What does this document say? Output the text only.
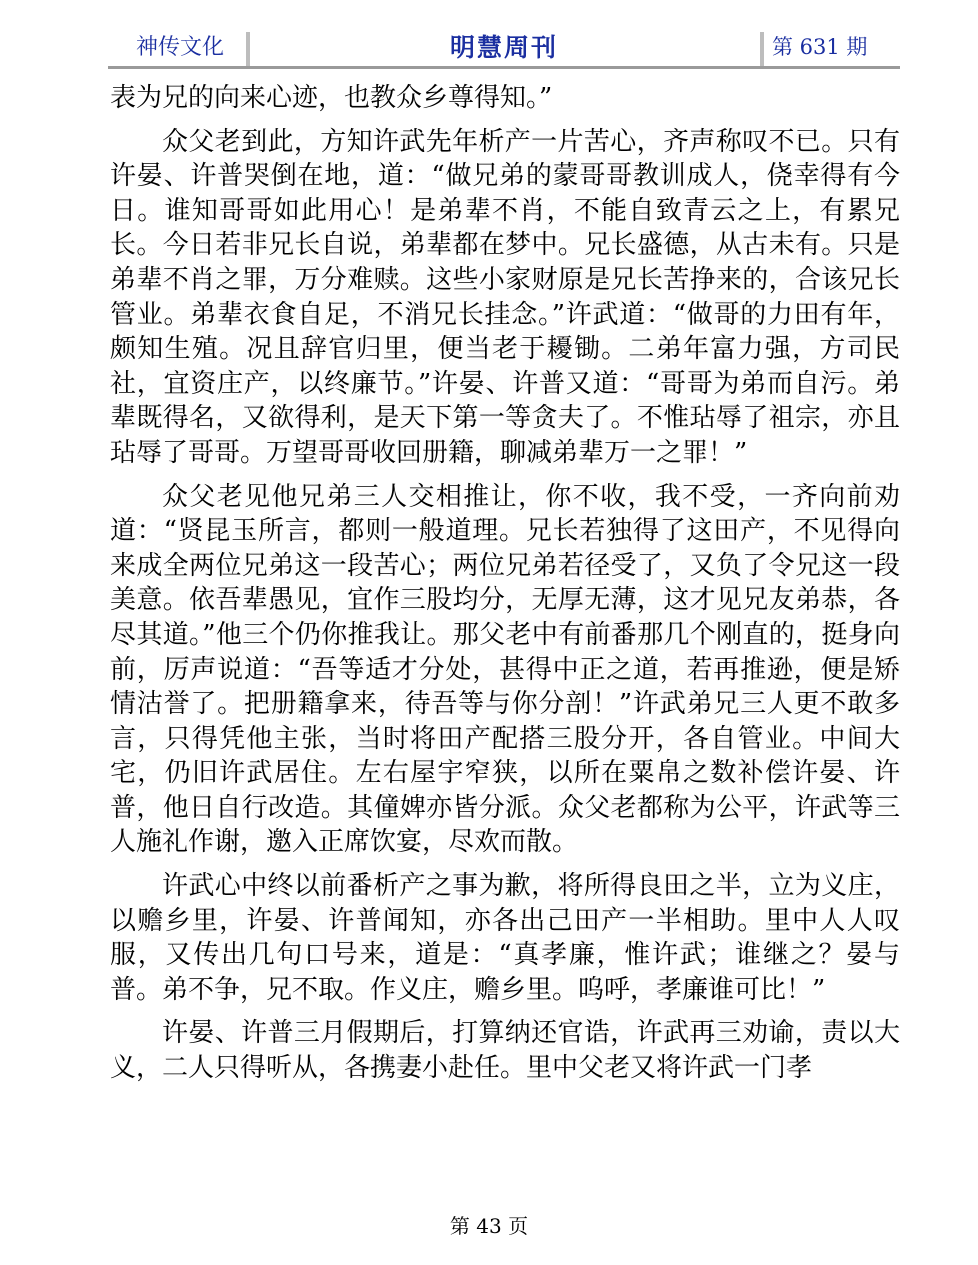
神传文化	明慧周刊	第 631 期

表为兄的向来心迹，也教众乡尊得知。”

众父老到此，方知许武先年析产一片苦心，齐声称叹不已。只有许晏、许普哭倒在地，道：“做兄弟的蒙哥哥教训成人，侥幸得有今日。谁知哥哥如此用心！是弟辈不肖，不能自致青云之上，有累兄长。今日若非兄长自说，弟辈都在梦中。兄长盛德，从古未有。只是弟辈不肖之罪，万分难赎。这些小家财原是兄长苦挣来的，合该兄长管业。弟辈衣食自足，不消兄长挂念。”许武道：“做哥的力田有年，颇知生殖。况且辞官归里，便当老于耰锄。二弟年富力强，方司民社，宜资庄产，以终廉节。”许晏、许普又道：“哥哥为弟而自污。弟辈既得名，又欲得利，是天下第一等贪夫了。不惟玷辱了祖宗，亦且玷辱了哥哥。万望哥哥收回册籍，聊减弟辈万一之罪！”

众父老见他兄弟三人交相推让，你不收，我不受，一齐向前劝道：“贤昆玉所言，都则一般道理。兄长若独得了这田产，不见得向来成全两位兄弟这一段苦心；两位兄弟若径受了，又负了令兄这一段美意。依吾辈愚见，宜作三股均分，无厚无薄，这才见兄友弟恭，各尽其道。”他三个仍你推我让。那父老中有前番那几个刚直的，挺身向前，厉声说道：“吾等适才分处，甚得中正之道，若再推逊，便是矫情沽誉了。把册籍拿来，待吾等与你分剖！”许武弟兄三人更不敢多言，只得凭他主张，当时将田产配搭三股分开，各自管业。中间大宅，仍旧许武居住。左右屋宇窄狭，以所在粟帛之数补偿许晏、许普，他日自行改造。其僮婢亦皆分派。众父老都称为公平，许武等三人施礼作谢，邀入正席饮宴，尽欢而散。

许武心中终以前番析产之事为歉，将所得良田之半，立为义庄，以赡乡里，许晏、许普闻知，亦各出己田产一半相助。里中人人叹服，又传出几句口号来，道是：“真孝廉，惟许武；谁继之？晏与普。弟不争，兄不取。作义庄，赡乡里。呜呼，孝廉谁可比！”

许晏、许普三月假期后，打算纳还官诰，许武再三劝谕，责以大义，二人只得听从，各携妻小赴任。里中父老又将许武一门孝

第 43 页
